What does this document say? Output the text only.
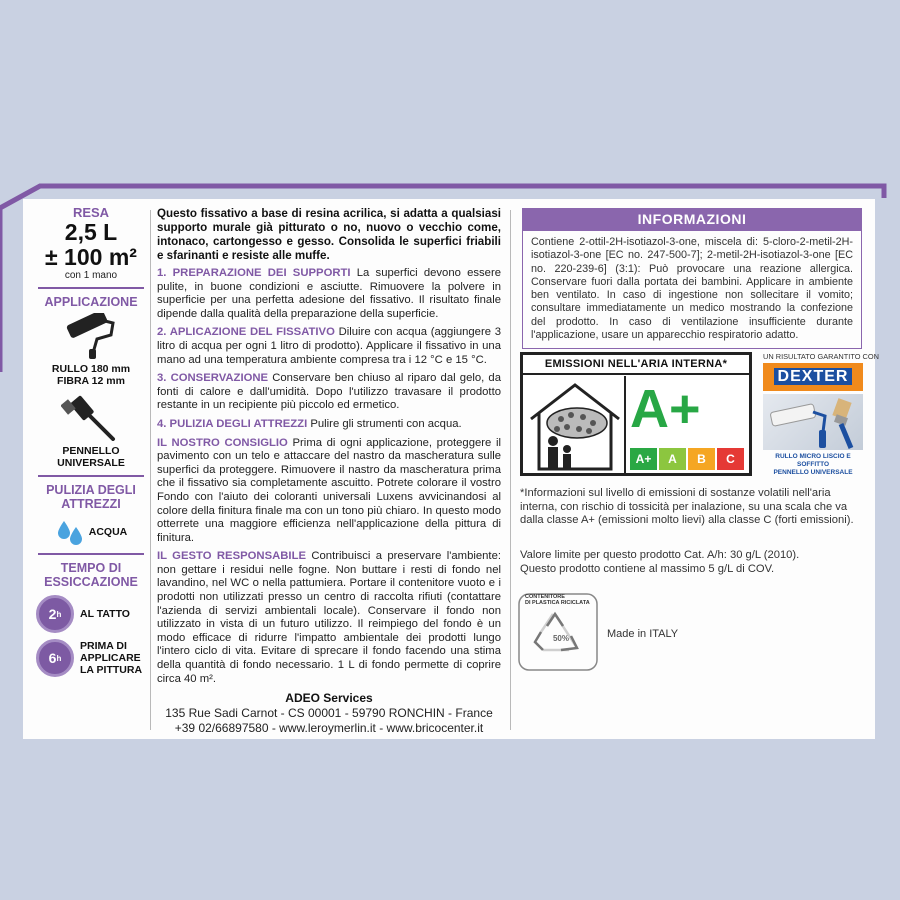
RESA
2,5 L
± 100 m²
con 1 mano
APPLICAZIONE
RULLO 180 mm
FIBRA 12 mm
PENNELLO
UNIVERSALE
PULIZIA DEGLI ATTREZZI
ACQUA
TEMPO DI ESSICCAZIONE
2 h AL TATTO
6 h
PRIMA DI APPLICARE LA PITTURA
Questo fissativo a base di resina acrilica, si adatta a qualsiasi supporto murale già pitturato o no, nuovo o vecchio come, intonaco, cartongesso e gesso. Consolida le superfici friabili e sfarinanti e resiste alle muffe.
1. PREPARAZIONE DEI SUPPORTI La superfici devono essere pulite, in buone condizioni e asciutte. Rimuovere la polvere in superficie per una perfetta adesione del fissativo. Il risultato finale dipende dalla qualità della preparazione della superficie.
2. APLICAZIONE DEL FISSATIVO Diluire con acqua (aggiungere 3 litro di acqua per ogni 1 litro di prodotto). Applicare il fissativo in una mano ad una temperatura ambiente compresa tra i 12 °C e 15 °C.
3. CONSERVAZIONE Conservare ben chiuso al riparo dal gelo, da fonti di calore e dall'umidità. Dopo l'utilizzo travasare il prodotto restante in un recipiente più piccolo ed ermetico.
4. PULIZIA DEGLI ATTREZZI Pulire gli strumenti con acqua.
IL NOSTRO CONSIGLIO Prima di ogni applicazione, proteggere il pavimento con un telo e attaccare del nastro da mascheratura sulle superfici da proteggere. Rimuovere il nastro da mascheratura prima che il fissativo sia completamente ascuitto. Potrete colorare il vostro Fondo con l'aiuto dei coloranti universali Luxens avvicinandosi al colore della finitura finale ma con un tono più chiaro. In questo modo otterrete una maggiore efficienza nell'applicazione della pittura di finitura.
IL GESTO RESPONSABILE Contribuisci a preservare l'ambiente: non gettare i residui nelle fogne. Non buttare i resti di fondo nel lavandino, nel WC o nella pattumiera. Portare il contenitore vuoto e i prodotti non utilizzati presso un centro di raccolta rifiuti (contattare l'azienda di servizi ambientali locale). Conservare il fondo non utilizzato in vista di un futuro utilizzo. Il reimpiego del fondo è un modo efficace di ridurre l'impatto ambientale dei prodotti lungo l'intero ciclo di vita. Evitare di sprecare il fondo facendo una stima della quantità di fondo necessario. 1 L di fondo permette di coprire circa 40 m².
ADEO Services
135 Rue Sadi Carnot - CS 00001 - 59790 RONCHIN - France
+39 02/66897580 - www.leroymerlin.it - www.bricocenter.it
INFORMAZIONI
Contiene 2-ottil-2H-isotiazol-3-one, miscela di: 5-cloro-2-metil-2H-isotiazol-3-one [EC no. 247-500-7]; 2-metil-2H-isotiazol-3-one [EC no. 220-239-6] (3:1): Può provocare una reazione allergica. Conservare fuori dalla portata dei bambini. Applicare in ambiente ben ventilato. In caso di ingestione non sollecitare il vomito; consultare immediatamente un medico mostrando la confezione del prodotto. In caso di ventilazione insufficiente durante l'applicazione, usare un apparecchio respiratorio adatto.
EMISSIONI NELL'ARIA INTERNA*
A+
A+	A	B	C
UN RISULTATO GARANTITO CON
DEXTER
RULLO MICRO LISCIO E SOFFITTO
PENNELLO UNIVERSALE
*Informazioni sul livello di emissioni di sostanze volatili nell'aria interna, con rischio di tossicità per inalazione, su una scala che va dalla classe A+ (emissioni molto lievi) alla classe C (forti emissioni).
Valore limite per questo prodotto Cat. A/h: 30 g/L (2010).
Questo prodotto contiene al massimo 5 g/L di COV.
50%
CONTENITORE
DI PLASTICA RICICLATA
Made in ITALY
